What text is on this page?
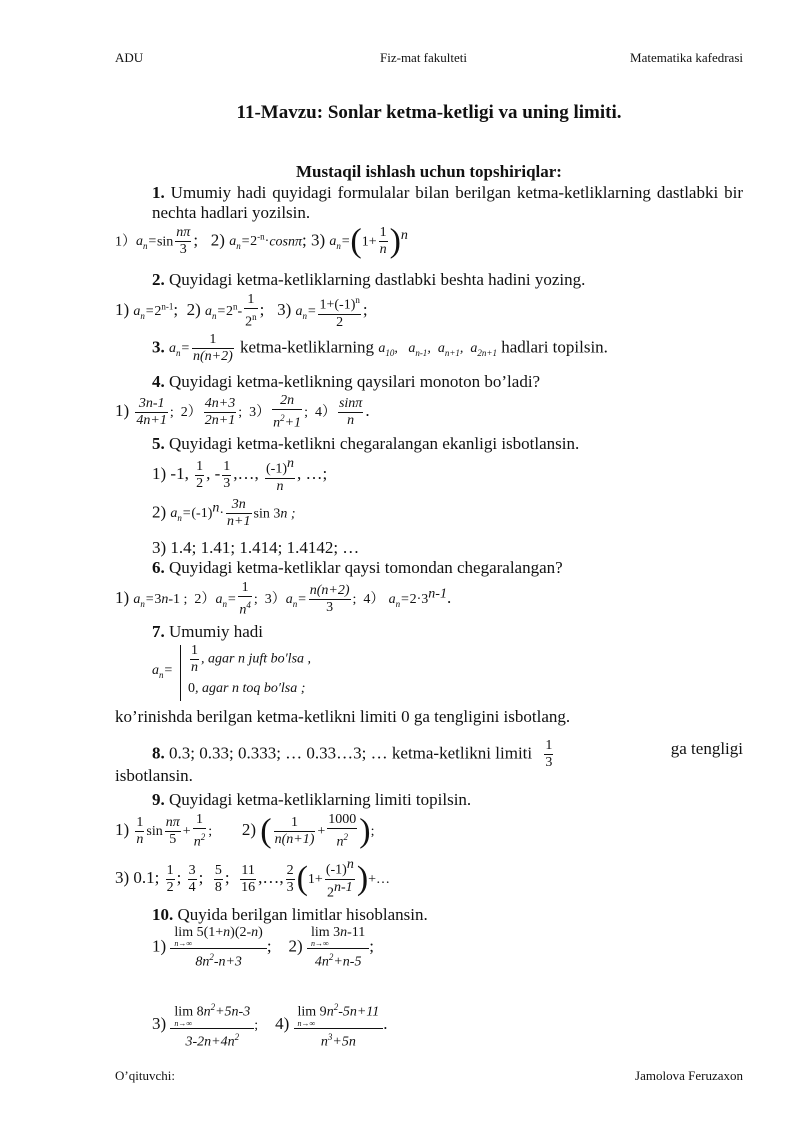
ADU	Fiz-mat fakulteti	Matematika kafedrasi
11-Mavzu: Sonlar ketma-ketligi va uning limiti.
Mustaqil ishlash uchun topshiriqlar:
1. Umumiy hadi quyidagi formulalar bilan berilgan ketma-ketliklarning dastlabki bir nechta hadlari yozilsin.
$1)a_n=\sin \frac{n\pi}{3}$ ;   2) $a_n=2^{-n}\cdot\cos n\pi$; 3) $a_n=(1+ \frac{1}{n} )^n$
2. Quyidagi ketma-ketliklarning dastlabki beshta hadini yozing.
1) $a_n=2^{n-1}$;  2) $a_n=2^n- \frac{1}{2^n}$ ;   3) $a_n= \frac{1+(-1)^n}{2}$ ;
3. $a_n= \frac{1}{n(n+2)}$ ketma-ketliklarning $a_{10}$,   $a_{n-1}$,  $a_{n+1}$,  $a_{2n+1}$ hadlari topilsin.
4. Quyidagi ketma-ketlikning qaysilari monoton bo’ladi?
$1) \frac{3n-1}{4n+1}$ ;  $2) \frac{4n+3}{2n+1}$ ;  $3) \frac{2n}{n^2+1}$ ;  $4) \frac{\sin\pi}{n}$ .
5. Quyidagi ketma-ketlikni chegaralangan ekanligi isbotlansin.
1) -1, $\frac{1}{2}$ , - $\frac{1}{3}$ ,…, $\frac{(-1)^n}{n}$ , …;
2) $a_n=(-1)^n\cdot \frac{3n}{n+1}$ sin 3n ;
3) 1.4; 1.41; 1.414; 1.4142; …
6. Quyidagi ketma-ketliklar qaysi tomondan chegaralangan?
1) $a_n=3n-1$ ;  $2)a_n= \frac{1}{n^4}$ ;  $3)a_n= \frac{n(n+2)}{3}$ ;  4） $a_n=2\cdot 3^{n-1}$.
7. Umumiy hadi
$a_n= \frac{1}{n}$ , agar n juft bo′lsa ,
0, agar n toq bo′lsa ;
ko’rinishda berilgan ketma-ketlikni limiti 0 ga tengligini isbotlang.
8. 0.3; 0.33; 0.333; … 0.33…3; … ketma-ketlikni limiti $\frac{1}{3}$	ga tengligi
isbotlansin.
9. Quyidagi ketma-ketliklarning limiti topilsin.
$1) \frac{1}{n}$ $\sin \frac{n\pi}{5} + \frac{1}{n^2}$ ;       2) ( $\frac{1}{n(n+1)} + \frac{1000}{n^2}$ );
3) 0.1; $\frac{1}{2}$ ; $\frac{3}{4}$ ; $\frac{5}{8}$ ; $\frac{11}{16}$ ,…, $\frac{2}{3} (1+ \frac{(-1)^n}{2^{n-1}}$ )+…
10. Quyida berilgan limitlar hisoblansin.
1) lim 5(1+n)(2-n)
n→∞
$8n^2-n+3$ ;    2) lim 3n-11
n→∞
$4n^2+n-5$ ;
3) $\lim 8n^2+5n-3$
n→∞
$3-2n+4n^2$ ;    4) $\lim 9n^2-5n+11$
n→∞
$n^3+5n$ .
O’qituvchi:	Jamolova Feruzaxon
